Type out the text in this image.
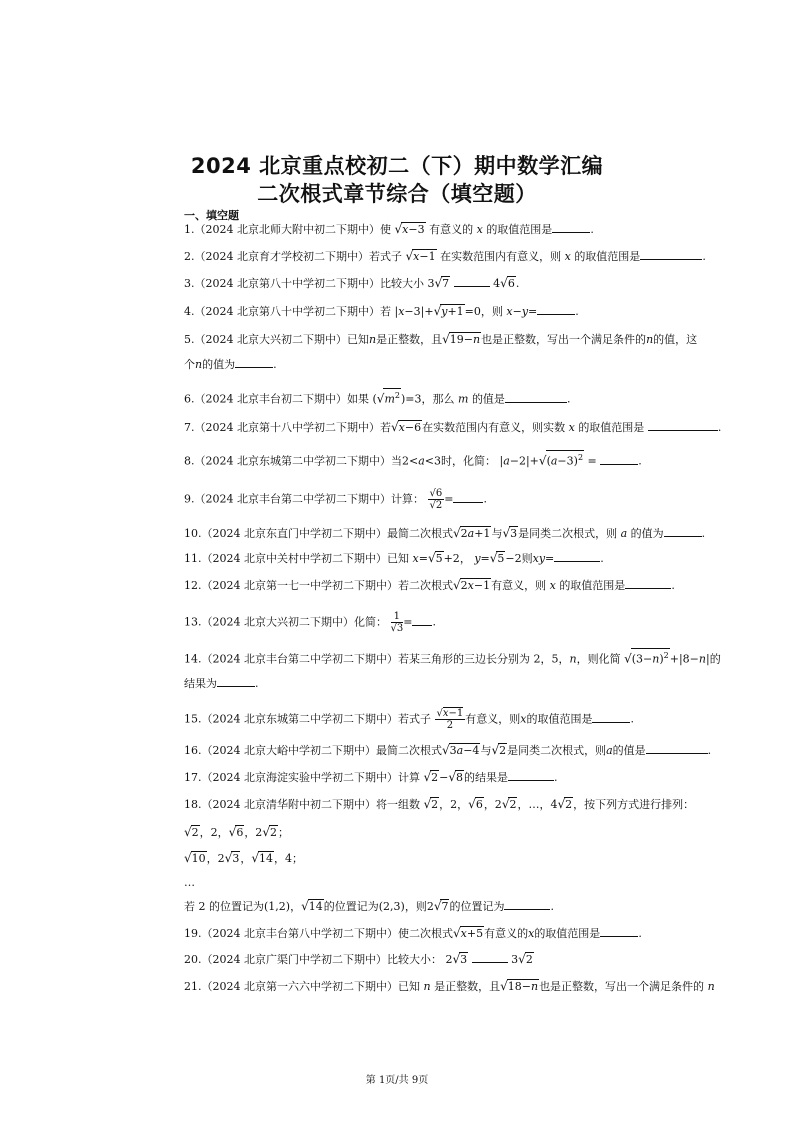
2024 北京重点校初二（下）期中数学汇编
二次根式章节综合（填空题）
一、填空题
1.（2024 北京北师大附中初二下期中）使 √x−3 有意义的 x 的取值范围是	.
2.（2024 北京育才学校初二下期中）若式子 √x−1 在实数范围内有意义，则 x 的取值范围是	.
3.（2024 北京第八十中学初二下期中）比较大小 3√7	4√6.
4.（2024 北京第八十中学初二下期中）若 |x−3|+√y+1=0，则 x−y=	.
5.（2024 北京大兴初二下期中）已知n是正整数，且√19−n也是正整数，写出一个满足条件的n的值，这
个n的值为	.
6.（2024 北京丰台初二下期中）如果 $(√m^2)=3$，那么 m 的值是	.
7.（2024 北京第十八中学初二下期中）若√x−6在实数范围内有意义，则实数 x 的取值范围是	.
8.（2024 北京东城第二中学初二下期中）当2<a<3时，化简： $|a-2|+√(a-3)^2$ =	.
9.（2024 北京丰台第二中学初二下期中）计算： $\frac{√6}{√2}$ =	.
10.（2024 北京东直门中学初二下期中）最简二次根式√2a+1与√3是同类二次根式，则 a 的值为	.
11.（2024 北京中关村中学初二下期中）已知 x=√5+2， y=√5−2则xy=	.
12.（2024 北京第一七一中学初二下期中）若二次根式√2x−1有意义，则 x 的取值范围是	.
13.（2024 北京大兴初二下期中）化简： $\frac{1}{√3}$ = .
14.（2024 北京丰台第二中学初二下期中）若某三角形的三边长分别为 2，5，n，则化简 $√(3-n)^2+|8-n|$的
结果为	.
15.（2024 北京东城第二中学初二下期中）若式子 $\frac{√x-1}{2}$ 有意义，则x的取值范围是	.
16.（2024 北京大峪中学初二下期中）最简二次根式√3a−4与√2是同类二次根式，则a的值是	.
17.（2024 北京海淀实验中学初二下期中）计算 √2−√8的结果是	.
18.（2024 北京清华附中初二下期中）将一组数 √2，2，√6，2√2，…，4√2，按下列方式进行排列：
√2，2，√6，2√2；
√10，2√3，√14，4；
…
若 2 的位置记为(1,2)，√14的位置记为(2,3)，则2√7的位置记为	.
19.（2024 北京丰台第八中学初二下期中）使二次根式√x+5有意义的x的取值范围是	.
20.（2024 北京广渠门中学初二下期中）比较大小： 2√3	3√2
21.（2024 北京第一六六中学初二下期中）已知 n 是正整数，且√18−n也是正整数，写出一个满足条件的 n
第 1页/共 9页
